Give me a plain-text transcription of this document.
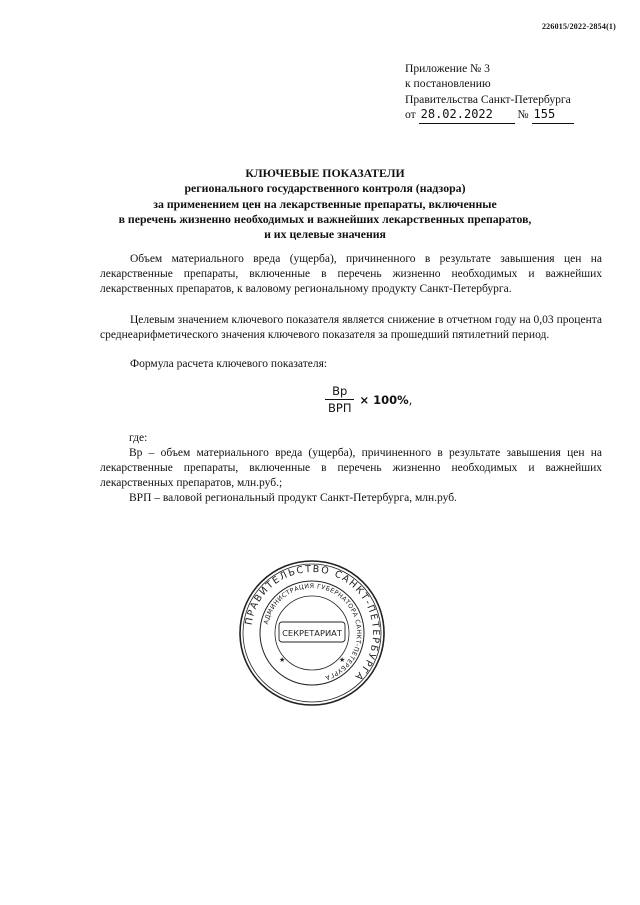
226015/2022-2854(1)
Приложение № 3
к постановлению
Правительства Санкт-Петербурга
от 28.02.2022 № 155
КЛЮЧЕВЫЕ ПОКАЗАТЕЛИ
регионального государственного контроля (надзора)
за применением цен на лекарственные препараты, включенные
в перечень жизненно необходимых и важнейших лекарственных препаратов,
и их целевые значения
Объем материального вреда (ущерба), причиненного в результате завышения цен на лекарственные препараты, включенные в перечень жизненно необходимых и важнейших лекарственных препаратов, к валовому региональному продукту Санкт-Петербурга.
Целевым значением ключевого показателя является снижение в отчетном году на 0,03 процента среднеарифметического значения ключевого показателя за прошедший пятилетний период.
Формула расчета ключевого показателя:
$\frac{Вр}{\text{ВРП}} \times 100\%$,
где:
Вр – объем материального вреда (ущерба), причиненного в результате завышения цен на лекарственные препараты, включенные в перечень жизненно необходимых и важнейших лекарственных препаратов, млн.руб.;
ВРП – валовой региональный продукт Санкт-Петербурга, млн.руб.
ПРАВИТЕЛЬСТВО САНКТ-ПЕТЕРБУРГА
АДМИНИСТРАЦИЯ ГУБЕРНАТОРА САНКТ-ПЕТЕРБУРГА
СЕКРЕТАРИАТ
★	★
